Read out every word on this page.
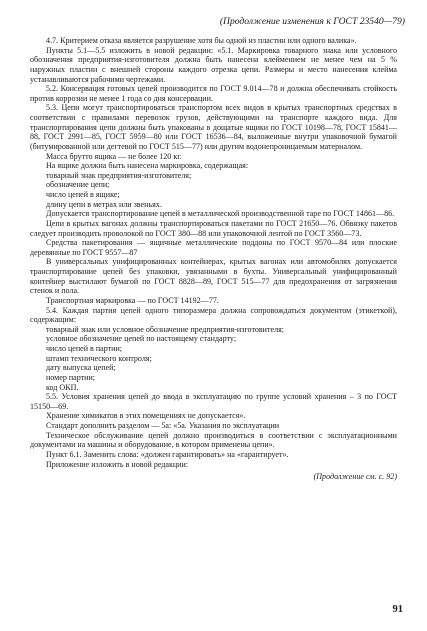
(Продолжение изменения к ГОСТ 23540—79)

4.7. Критерием отказа является разрушение хотя бы одной из пластин или одного валика».

Пункты 5.1—5.5 изложить в новой редакции: «5.1. Маркировка товарного знака или условного обозначения предприятия-изготовителя должна быть нанесена клеймением не менее чем на 5 % наружных пластин с внешней стороны каждого отрезка цепи. Размеры и место нанесения клейма устанавливаются рабочими чертежами.

5.2. Консервация готовых цепей производится по ГОСТ 9.014—78 и должна обеспечивать стойкость против коррозии не менее 1 года со дня консервации.

5.3. Цепи могут транспортироваться транспортом всех видов в крытых транспортных средствах в соответствии с правилами перевозок грузов, действующими на транспорте каждого вида. Для транспортирования цепи должны быть упакованы в дощатые ящики по ГОСТ 10198—78, ГОСТ 15841—88, ГОСТ 2991—85, ГОСТ 5959—80 или ГОСТ 16536—84, выложенные внутри упаковочной бумагой (битумированной или дегтевой по ГОСТ 515—77) или другим водонепроницаемым материалом.

Масса брутто ящика — не более 120 кг.

На ящике должна быть нанесена маркировка, содержащая:

товарный знак предприятия-изготовителя;

обозначение цепи;

число цепей в ящике;

длину цепи в метрах или звеньях.

Допускается транспортирование цепей в металлической производственной таре по ГОСТ 14861—86.

Цепи в крытых вагонах должны транспортироваться пакетами по ГОСТ 21650—76. Обвязку пакетов следует производить проволокой по ГОСТ 380—88 или упаковочной лентой по ГОСТ 3560—73.

Средства пакетирования — ящичные металлические поддоны по ГОСТ 9570—84 или плоские деревянные по ГОСТ 9557—87

В универсальных унифицированных контейнерах, крытых вагонах или автомобилях допускается транспортирование цепей без упаковки, увязанными в бухты. Универсальный унифицированный контейнер выстилают бумагой по ГОСТ 8828—89, ГОСТ 515—77 для предохранения от загрязнения стенок и пола.

Транспортная маркировка — по ГОСТ 14192—77.

5.4. Каждая партия цепей одного типоразмера должна сопровождаться документом (этикеткой), содержащим:

товарный знак или условное обозначение предприятия-изготовителя;

условное обозначение цепей по настоящему стандарту;

число цепей в партии;

штамп технического контроля;

дату выпуска цепей;

номер партии;

код ОКП.

5.5. Условия хранения цепей до ввода в эксплуатацию по группе условий хранения – 3 по ГОСТ 15150—69.

Хранение химикатов в этих помещениях не допускается».

Стандарт дополнить разделом — 5а: «5а. Указания по эксплуатации

Техническое обслуживание цепей должно производиться в соответствии с эксплуатационными документами на машины и оборудование, в котором применены цепи».

Пункт 6.1. Заменить слова: «должен гарантировать» на «гарантирует».

Приложение изложить в новой редакции:

(Продолжение см. с. 92)

91
